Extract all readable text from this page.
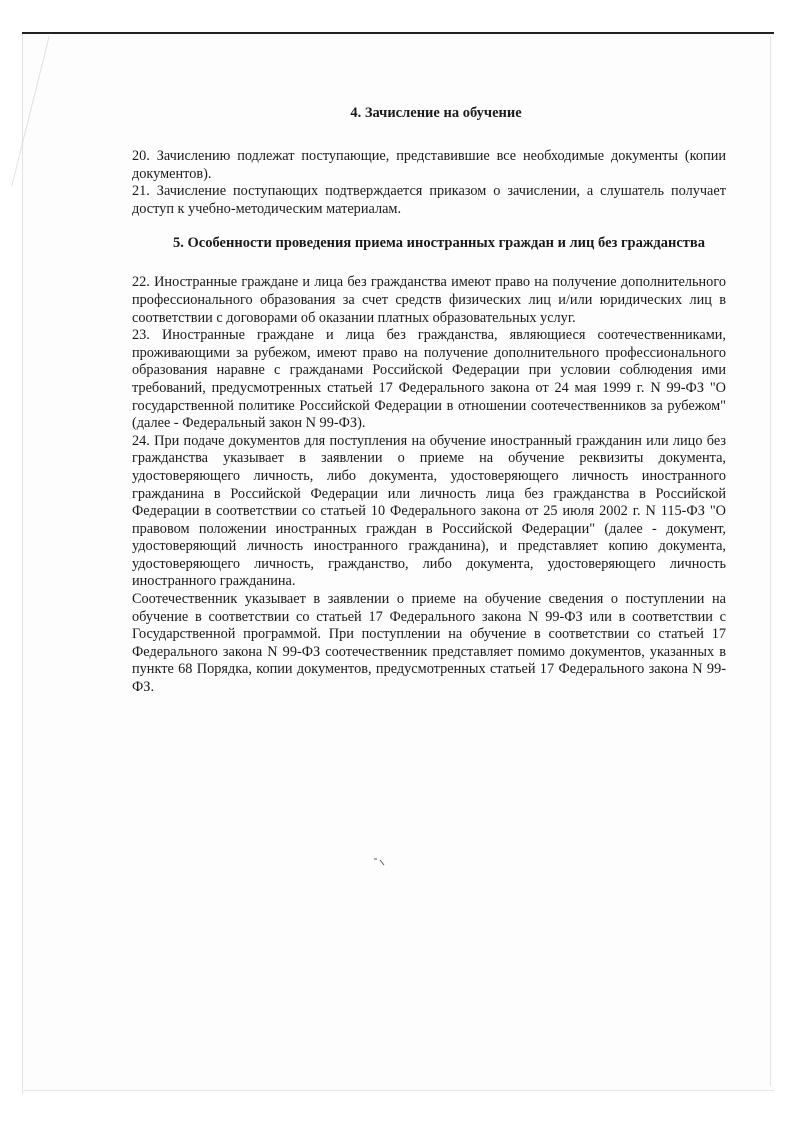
4. Зачисление на обучение

20. Зачислению подлежат поступающие, представившие все необходимые документы (копии документов).

21. Зачисление поступающих подтверждается приказом о зачислении, а слушатель получает доступ к учебно-методическим материалам.

5. Особенности проведения приема иностранных граждан и лиц без гражданства

22. Иностранные граждане и лица без гражданства имеют право на получение дополнительного профессионального образования за счет средств физических лиц и/или юридических лиц в соответствии с договорами об оказании платных образовательных услуг.

23. Иностранные граждане и лица без гражданства, являющиеся соотечественниками, проживающими за рубежом, имеют право на получение дополнительного профессионального образования наравне с гражданами Российской Федерации при условии соблюдения ими требований, предусмотренных статьей 17 Федерального закона от 24 мая 1999 г. N 99-ФЗ "О государственной политике Российской Федерации в отношении соотечественников за рубежом" (далее - Федеральный закон N 99-ФЗ).

24. При подаче документов для поступления на обучение иностранный гражданин или лицо без гражданства указывает в заявлении о приеме на обучение реквизиты документа, удостоверяющего личность, либо документа, удостоверяющего личность иностранного гражданина в Российской Федерации или личность лица без гражданства в Российской Федерации в соответствии со статьей 10 Федерального закона от 25 июля 2002 г. N 115-ФЗ "О правовом положении иностранных граждан в Российской Федерации" (далее - документ, удостоверяющий личность иностранного гражданина), и представляет копию документа, удостоверяющего личность, гражданство, либо документа, удостоверяющего личность иностранного гражданина.

Соотечественник указывает в заявлении о приеме на обучение сведения о поступлении на обучение в соответствии со статьей 17 Федерального закона N 99-ФЗ или в соответствии с Государственной программой. При поступлении на обучение в соответствии со статьей 17 Федерального закона N 99-ФЗ соотечественник представляет помимо документов, указанных в пункте 68 Порядка, копии документов, предусмотренных статьей 17 Федерального закона N 99-ФЗ.
